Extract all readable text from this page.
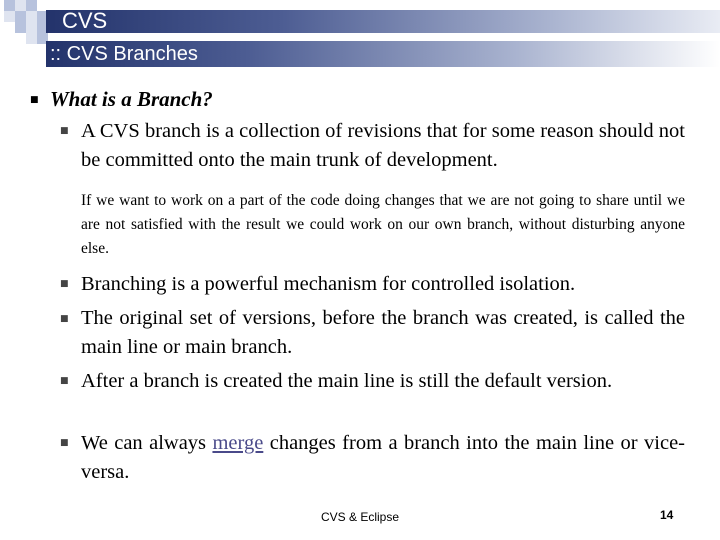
CVS
:: CVS Branches
■ What is a Branch?
■ A CVS branch is a collection of revisions that for some reason should not be committed onto the main trunk of development.
If we want to work on a part of the code doing changes that we are not going to share until we are not satisfied with the result we could work on our own branch, without disturbing anyone else.
■ Branching is a powerful mechanism for controlled isolation.
■ The original set of versions, before the branch was created, is called the main line or main branch.
■ After a branch is created the main line is still the default version.
■ We can always merge changes from a branch into the main line or vice-versa.
CVS & Eclipse	14
